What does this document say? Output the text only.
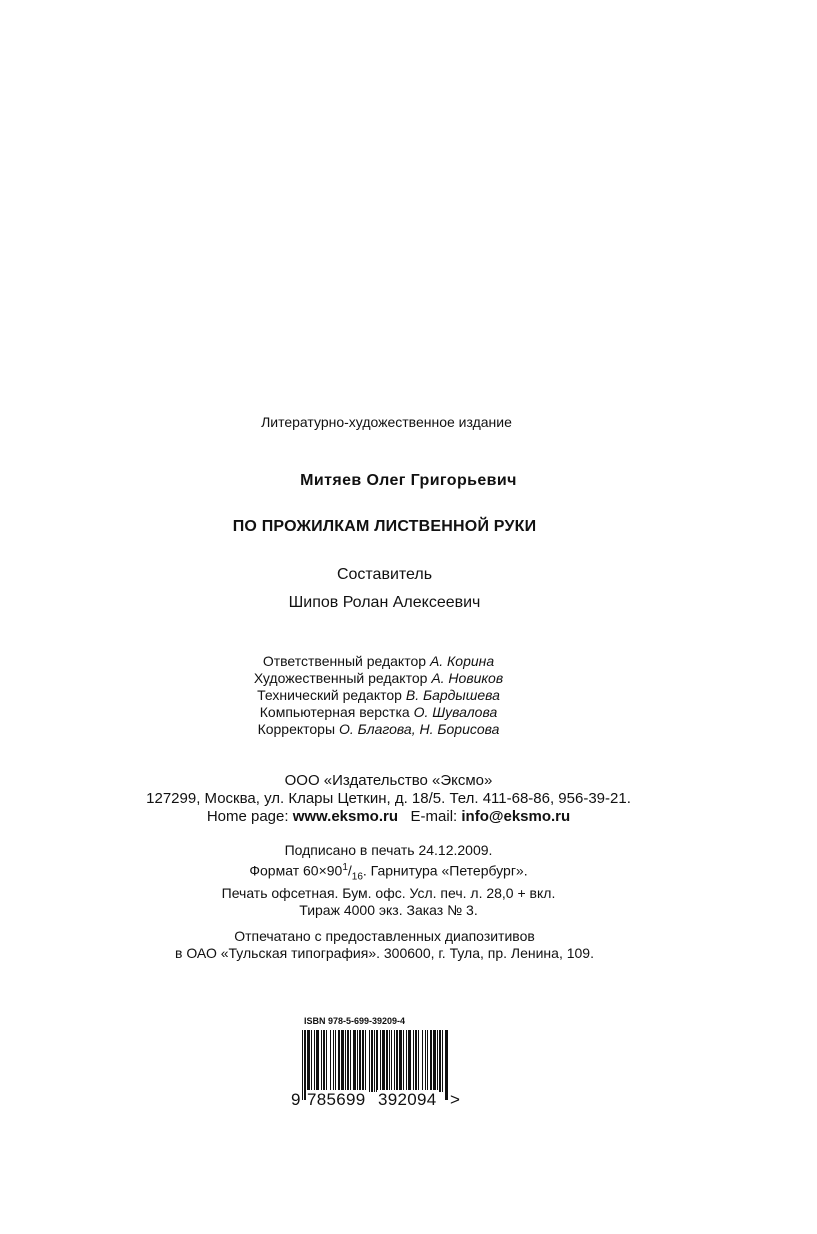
Литературно-художественное издание
Митяев Олег Григорьевич
ПО ПРОЖИЛКАМ ЛИСТВЕННОЙ РУКИ
Составитель
Шипов Ролан Алексеевич
Ответственный редактор А. Корина
Художественный редактор А. Новиков
Технический редактор В. Бардышева
Компьютерная верстка О. Шувалова
Корректоры О. Благова, Н. Борисова
ООО «Издательство «Эксмо»
127299, Москва, ул. Клары Цеткин, д. 18/5. Тел. 411-68-86, 956-39-21.
Home page: www.eksmo.ru E-mail: info@eksmo.ru
Подписано в печать 24.12.2009.
Формат $60\times 90^1/_{16}$. Гарнитура «Петербург».
Печать офсетная. Бум. офс. Усл. печ. л. 28,0 + вкл.
Тираж 4000 экз. Заказ № 3.
Отпечатано с предоставленных диапозитивов
в ОАО «Тульская типография». 300600, г. Тула, пр. Ленина, 109.
ISBN 978-5-699-39209-4
9 785699 392094 >
